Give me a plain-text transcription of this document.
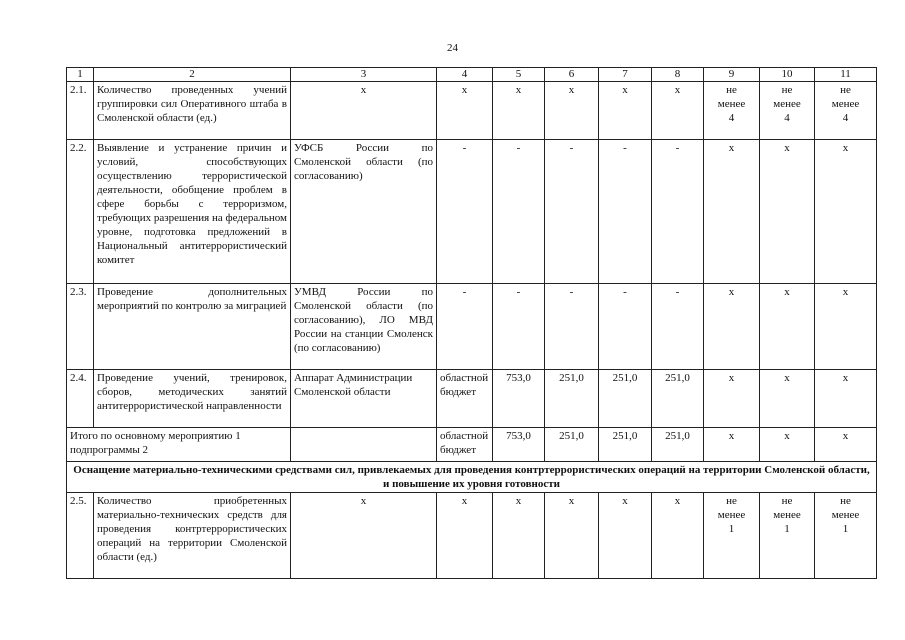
24
1	2	3	4	5	6	7	8	9	10	11
2.1.	Количество проведенных учений группировки сил Оперативного штаба в Смоленской области (ед.)	x	x	x	x	x	x	не
менее
4	не
менее
4	не
менее
4

2.2.	Выявление и устранение причин и условий, способствующих осуществлению террористической деятельности, обобщение проблем в сфере борьбы с терроризмом, требующих разрешения на федеральном уровне, подготовка предложений в Национальный антитеррористический комитет	УФСБ России по Смоленской области (по согласованию)	-	-	-	-	-	x	x	x
2.3.	Проведение дополнительных мероприятий по контролю за миграцией	УМВД России по Смоленской области (по согласованию), ЛО МВД России на станции Смоленск (по согласованию)	-	-	-	-	-	x	x	x
2.4.	Проведение учений, тренировок, сборов, методических занятий антитеррористической направленности	Аппарат Администрации Смоленской области	областной бюджет	753,0	251,0	251,0	251,0	x	x	x
Итого по основному мероприятию 1 подпрограммы 2			областной бюджет	753,0	251,0	251,0	251,0	x	x	x
Оснащение материально-техническими средствами сил, привлекаемых для проведения контртеррористических операций на территории Смоленской области, и повышение их уровня готовности										
2.5.	Количество приобретенных материально-технических средств для проведения контртеррористических операций на территории Смоленской области (ед.)	x	x	x	x	x	x	не
менее
1	не
менее
1	не
менее
1
